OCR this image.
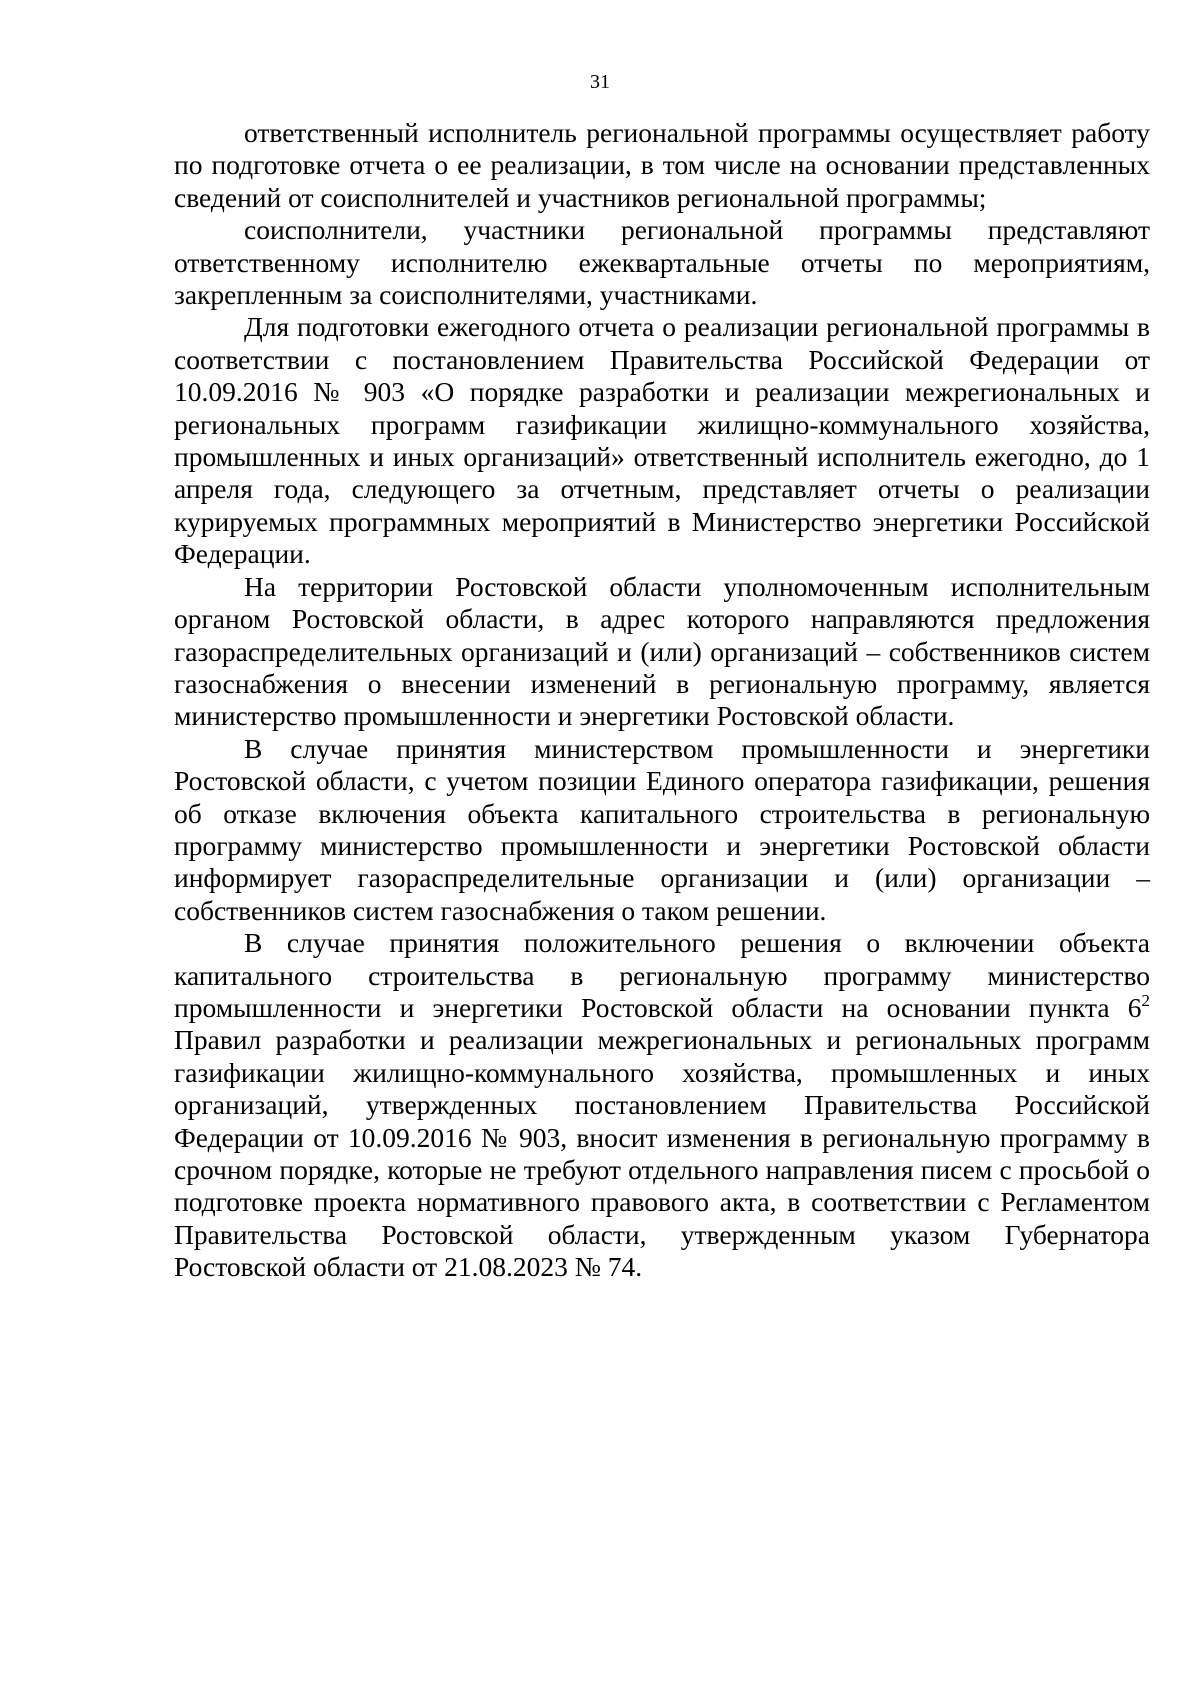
31

ответственный исполнитель региональной программы осуществляет работу по подготовке отчета о ее реализации, в том числе на основании представленных сведений от соисполнителей и участников региональной программы;

соисполнители, участники региональной программы представляют ответственному исполнителю ежеквартальные отчеты по мероприятиям, закрепленным за соисполнителями, участниками.

Для подготовки ежегодного отчета о реализации региональной программы в соответствии с постановлением Правительства Российской Федерации от 10.09.2016 № 903 «О порядке разработки и реализации межрегиональных и региональных программ газификации жилищно-коммунального хозяйства, промышленных и иных организаций» ответственный исполнитель ежегодно, до 1 апреля года, следующего за отчетным, представляет отчеты о реализации курируемых программных мероприятий в Министерство энергетики Российской Федерации.

На территории Ростовской области уполномоченным исполнительным органом Ростовской области, в адрес которого направляются предложения газораспределительных организаций и (или) организаций – собственников систем газоснабжения о внесении изменений в региональную программу, является министерство промышленности и энергетики Ростовской области.

В случае принятия министерством промышленности и энергетики Ростовской области, с учетом позиции Единого оператора газификации, решения об отказе включения объекта капитального строительства в региональную программу министерство промышленности и энергетики Ростовской области информирует газораспределительные организации и (или) организации – собственников систем газоснабжения о таком решении.

В случае принятия положительного решения о включении объекта капитального строительства в региональную программу министерство промышленности и энергетики Ростовской области на основании пункта $6^2$ Правил разработки и реализации межрегиональных и региональных программ газификации жилищно-коммунального хозяйства, промышленных и иных организаций, утвержденных постановлением Правительства Российской Федерации от 10.09.2016 № 903, вносит изменения в региональную программу в срочном порядке, которые не требуют отдельного направления писем с просьбой о подготовке проекта нормативного правового акта, в соответствии с Регламентом Правительства Ростовской области, утвержденным указом Губернатора Ростовской области от 21.08.2023 № 74.
